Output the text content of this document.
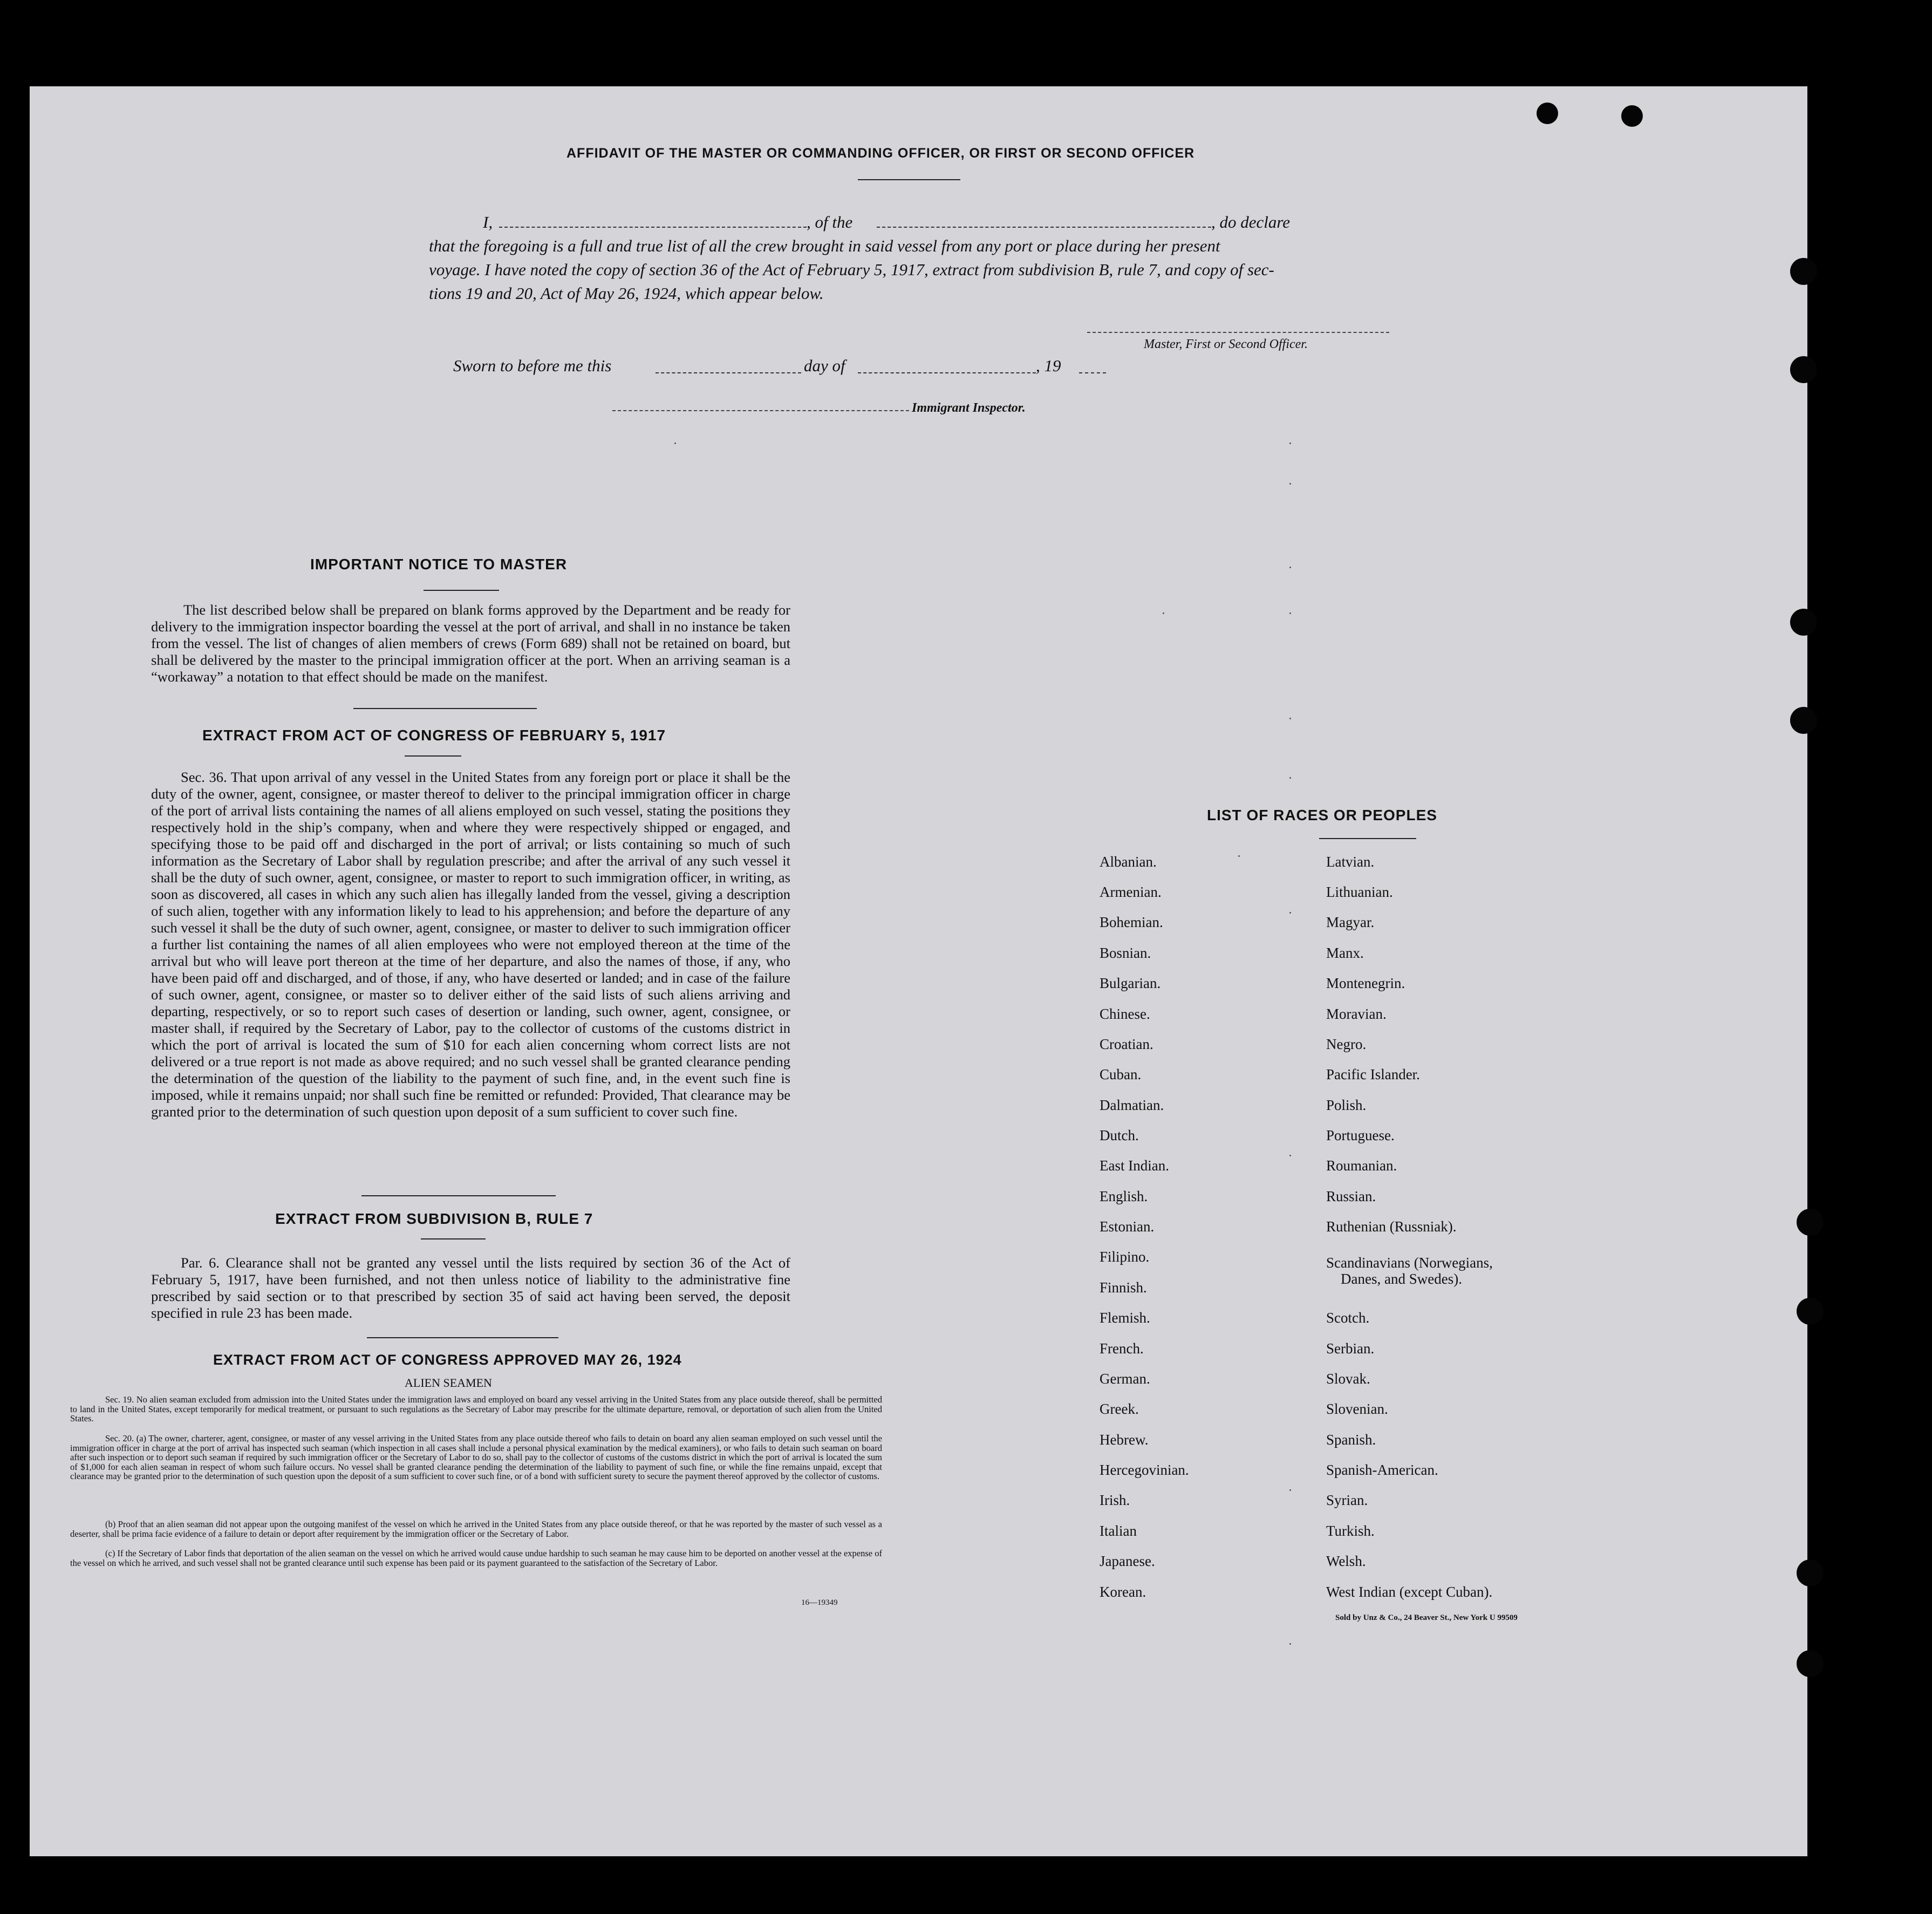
AFFIDAVIT OF THE MASTER OR COMMANDING OFFICER, OR FIRST OR SECOND OFFICER
I,	, of the	, do declare
that the foregoing is a full and true list of all the crew brought in said vessel from any port or place during her present
voyage. I have noted the copy of section 36 of the Act of February 5, 1917, extract from subdivision B, rule 7, and copy of sec-
tions 19 and 20, Act of May 26, 1924, which appear below.
Master, First or Second Officer.
Sworn to before me this	day of	, 19
Immigrant Inspector.
IMPORTANT NOTICE TO MASTER
The list described below shall be prepared on blank forms approved by the Department and be ready for delivery to the immigration inspector boarding the vessel at the port of arrival, and shall in no instance be taken from the vessel. The list of changes of alien members of crews (Form 689) shall not be retained on board, but shall be delivered by the master to the principal immigration officer at the port. When an arriving seaman is a “workaway” a notation to that effect should be made on the manifest.
EXTRACT FROM ACT OF CONGRESS OF FEBRUARY 5, 1917
Sec. 36. That upon arrival of any vessel in the United States from any foreign port or place it shall be the duty of the owner, agent, consignee, or master thereof to deliver to the principal immigration officer in charge of the port of arrival lists containing the names of all aliens employed on such vessel, stating the positions they respectively hold in the ship’s company, when and where they were respectively shipped or engaged, and specifying those to be paid off and discharged in the port of arrival; or lists containing so much of such information as the Secretary of Labor shall by regulation prescribe; and after the arrival of any such vessel it shall be the duty of such owner, agent, consignee, or master to report to such immigration officer, in writing, as soon as discovered, all cases in which any such alien has illegally landed from the vessel, giving a description of such alien, together with any information likely to lead to his apprehension; and before the departure of any such vessel it shall be the duty of such owner, agent, consignee, or master to deliver to such immigration officer a further list containing the names of all alien employees who were not employed thereon at the time of the arrival but who will leave port thereon at the time of her departure, and also the names of those, if any, who have been paid off and discharged, and of those, if any, who have deserted or landed; and in case of the failure of such owner, agent, consignee, or master so to deliver either of the said lists of such aliens arriving and departing, respectively, or so to report such cases of desertion or landing, such owner, agent, consignee, or master shall, if required by the Secretary of Labor, pay to the collector of customs of the customs district in which the port of arrival is located the sum of $10 for each alien concerning whom correct lists are not delivered or a true report is not made as above required; and no such vessel shall be granted clearance pending the determination of the question of the liability to the payment of such fine, and, in the event such fine is imposed, while it remains unpaid; nor shall such fine be remitted or refunded: Provided, That clearance may be granted prior to the determination of such question upon deposit of a sum sufficient to cover such fine.
EXTRACT FROM SUBDIVISION B, RULE 7
Par. 6. Clearance shall not be granted any vessel until the lists required by section 36 of the Act of February 5, 1917, have been furnished, and not then unless notice of liability to the administrative fine prescribed by said section or to that prescribed by section 35 of said act having been served, the deposit specified in rule 23 has been made.
EXTRACT FROM ACT OF CONGRESS APPROVED MAY 26, 1924
ALIEN SEAMEN
Sec. 19. No alien seaman excluded from admission into the United States under the immigration laws and employed on board any vessel arriving in the United States from any place outside thereof, shall be permitted to land in the United States, except temporarily for medical treatment, or pursuant to such regulations as the Secretary of Labor may prescribe for the ultimate departure, removal, or deportation of such alien from the United States.
Sec. 20. (a) The owner, charterer, agent, consignee, or master of any vessel arriving in the United States from any place outside thereof who fails to detain on board any alien seaman employed on such vessel until the immigration officer in charge at the port of arrival has inspected such seaman (which inspection in all cases shall include a personal physical examination by the medical examiners), or who fails to detain such seaman on board after such inspection or to deport such seaman if required by such immigration officer or the Secretary of Labor to do so, shall pay to the collector of customs of the customs district in which the port of arrival is located the sum of $1,000 for each alien seaman in respect of whom such failure occurs. No vessel shall be granted clearance pending the determination of the liability to payment of such fine, or while the fine remains unpaid, except that clearance may be granted prior to the determination of such question upon the deposit of a sum sufficient to cover such fine, or of a bond with sufficient surety to secure the payment thereof approved by the collector of customs.
(b) Proof that an alien seaman did not appear upon the outgoing manifest of the vessel on which he arrived in the United States from any place outside thereof, or that he was reported by the master of such vessel as a deserter, shall be prima facie evidence of a failure to detain or deport after requirement by the immigration officer or the Secretary of Labor.
(c) If the Secretary of Labor finds that deportation of the alien seaman on the vessel on which he arrived would cause undue hardship to such seaman he may cause him to be deported on another vessel at the expense of the vessel on which he arrived, and such vessel shall not be granted clearance until such expense has been paid or its payment guaranteed to the satisfaction of the Secretary of Labor.
16—19349
LIST OF RACES OR PEOPLES
Albanian.
Armenian.
Bohemian.
Bosnian.
Bulgarian.
Chinese.
Croatian.
Cuban.
Dalmatian.
Dutch.
East Indian.
English.
Estonian.
Filipino.
Finnish.
Flemish.
French.
German.
Greek.
Hebrew.
Hercegovinian.
Irish.
Italian
Japanese.
Korean.
Latvian.
Lithuanian.
Magyar.
Manx.
Montenegrin.
Moravian.
Negro.
Pacific Islander.
Polish.
Portuguese.
Roumanian.
Russian.
Ruthenian (Russniak).
Scandinavians (Norwegians,
Danes, and Swedes).
Scotch.
Serbian.
Slovak.
Slovenian.
Spanish.
Spanish-American.
Syrian.
Turkish.
Welsh.
West Indian (except Cuban).
Sold by Unz & Co., 24 Beaver St., New York U 99509
